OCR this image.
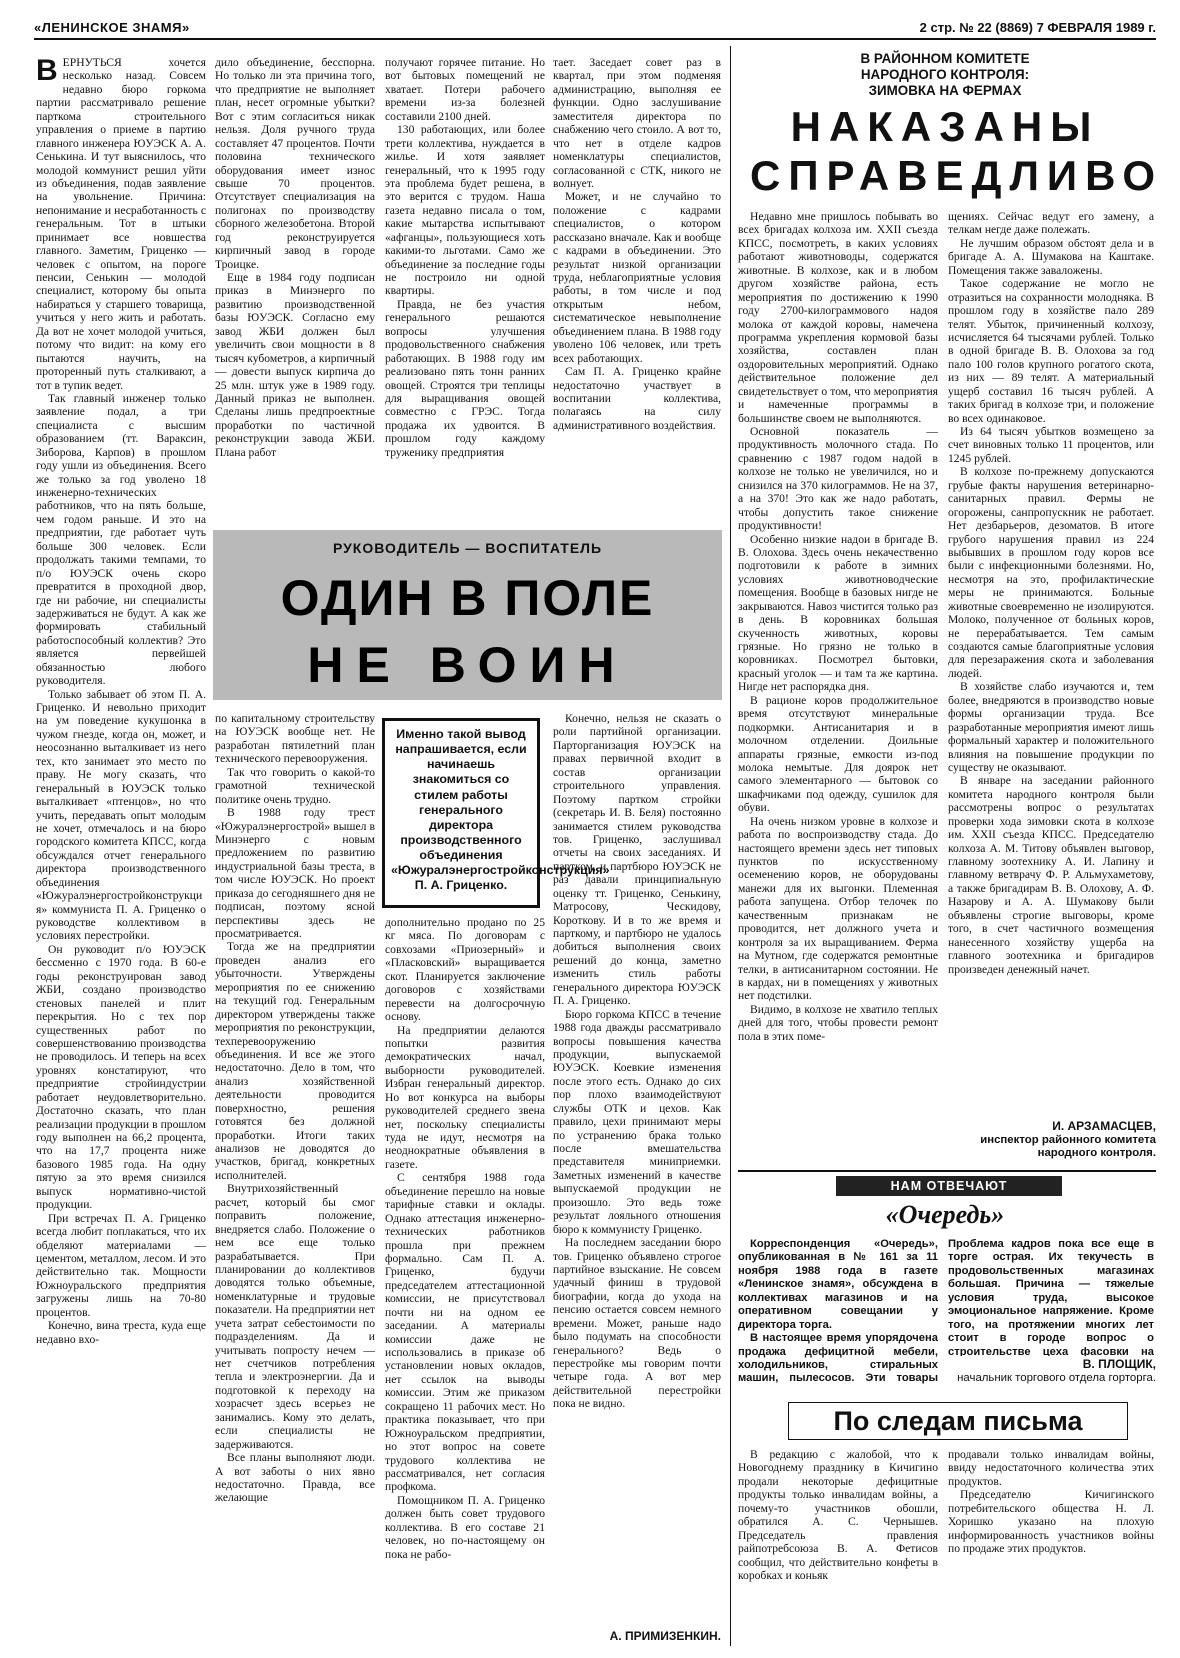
«ЛЕНИНСКОЕ ЗНАМЯ»	2 стр. № 22 (8869) 7 ФЕВРАЛЯ 1989 г.
В ЕРНУТЬСЯ хочется несколько назад. Совсем недавно бюро горкома партии рассматривало решение парткома строительного управления о приеме в партию главного инженера ЮУЭСК А. А. Сенькина. И тут выяснилось, что молодой коммунист решил уйти из объединения, подав заявление на увольнение. Причина: непонимание и несработанность с генеральным. Тот в штыки принимает все новшества главного. Заметим, Гриценко — человек с опытом, на пороге пенсии, Сенькин — молодой специалист, которому бы опыта набираться у старшего товарища, учиться у него жить и работать. Да вот не хочет молодой учиться, потому что видит: на кому его пытаются научить, на проторенный путь сталкивают, а тот в тупик ведет.

Так главный инженер только заявление подал, а три специалиста с высшим образованием (тт. Вараксин, Зиборова, Карпов) в прошлом году ушли из объединения. Всего же только за год уволено 18 инженерно-технических работников, что на пять больше, чем годом раньше. И это на предприятии, где работает чуть больше 300 человек. Если продолжать такими темпами, то п/о ЮУЭСК очень скоро превратится в проходной двор, где ни рабочие, ни специалисты задерживаться не будут. А как же формировать стабильный работоспособный коллектив? Это является первейшей обязанностью любого руководителя.

Только забывает об этом П. А. Гриценко. И невольно приходит на ум поведение кукушонка в чужом гнезде, когда он, может, и неосознанно выталкивает из него тех, кто занимает это место по праву. Не могу сказать, что генеральный в ЮУЭСК только выталкивает «птенцов», но что учить, передавать опыт молодым не хочет, отмечалось и на бюро городского комитета КПСС, когда обсуждался отчет генерального директора производственного объединения «Южуралэнергостройконструкция» коммуниста П. А. Гриценко о руководстве коллективом в условиях перестройки.

Он руководит п/о ЮУЭСК бессменно с 1970 года. В 60-е годы реконструирован завод ЖБИ, создано производство стеновых панелей и плит перекрытия. Но с тех пор существенных работ по совершенствованию производства не проводилось. И теперь на всех уровнях констатируют, что предприятие стройиндустрии работает неудовлетворительно. Достаточно сказать, что план реализации продукции в прошлом году выполнен на 66,2 процента, что на 17,7 процента ниже базового 1985 года. На одну пятую за это время снизился выпуск нормативно-чистой продукции.

При встречах П. А. Гриценко всегда любит поплакаться, что их обделяют материалами — цементом, металлом, лесом. И это действительно так. Мощности Южноуральского предприятия загружены лишь на 70-80 процентов.

Конечно, вина треста, куда еще недавно вхо-

дило объединение, бесспорна. Но только ли эта причина того, что предприятие не выполняет план, несет огромные убытки? Вот с этим согласиться никак нельзя. Доля ручного труда составляет 47 процентов. Почти половина технического оборудования имеет износ свыше 70 процентов. Отсутствует специализация на полигонах по производству сборного железобетона. Второй год реконструируется кирпичный завод в городе Троицке.

Еще в 1984 году подписан приказ в Минэнерго по развитию производственной базы ЮУЭСК. Согласно ему завод ЖБИ должен был увеличить свои мощности в 8 тысяч кубометров, а кирпичный — довести выпуск кирпича до 25 млн. штук уже в 1989 году. Данный приказ не выполнен. Сделаны лишь предпроектные проработки по частичной реконструкции завода ЖБИ. Плана работ

получают горячее питание. Но вот бытовых помещений не хватает. Потери рабочего времени из-за болезней составили 2100 дней.

130 работающих, или более трети коллектива, нуждается в жилье. И хотя заявляет генеральный, что к 1995 году эта проблема будет решена, в это верится с трудом. Наша газета недавно писала о том, какие мытарства испытывают «афганцы», пользующиеся хоть какими-то льготами. Само же объединение за последние годы не построило ни одной квартиры.

Правда, не без участия генерального решаются вопросы улучшения продовольственного снабжения работающих. В 1988 году им реализовано пять тонн ранних овощей. Строятся три теплицы для выращивания овощей совместно с ГРЭС. Тогда продажа их удвоится. В прошлом году каждому труженику предприятия

тает. Заседает совет раз в квартал, при этом подменяя администрацию, выполняя ее функции. Одно заслушивание заместителя директора по снабжению чего стоило. А вот то, что нет в отделе кадров номенклатуры специалистов, согласованной с СТК, никого не волнует.

Может, и не случайно то положение с кадрами специалистов, о котором рассказано вначале. Как и вообще с кадрами в объединении. Это результат низкой организации труда, неблагоприятные условия работы, в том числе и под открытым небом, систематическое невыполнение объединением плана. В 1988 году уволено 106 человек, или треть всех работающих.

Сам П. А. Гриценко крайне недостаточно участвует в воспитании коллектива, полагаясь на силу административного воздействия.

РУКОВОДИТЕЛЬ — ВОСПИТАТЕЛЬ
ОДИН В ПОЛЕ
НЕ ВОИН

по капитальному строительству на ЮУЭСК вообще нет. Не разработан пятилетний план технического перевооружения.

Так что говорить о какой-то грамотной технической политике очень трудно.

В 1988 году трест «Южуралэнергострой» вышел в Минэнерго с новым предложением по развитию индустриальной базы треста, в том числе ЮУЭСК. Но проект приказа до сегодняшнего дня не подписан, поэтому ясной перспективы здесь не просматривается.

Тогда же на предприятии проведен анализ его убыточности. Утверждены мероприятия по ее снижению на текущий год. Генеральным директором утверждены также мероприятия по реконструкции, техперевооружению объединения. И все же этого недостаточно. Дело в том, что анализ хозяйственной деятельности проводится поверхностно, решения готовятся без должной проработки. Итоги таких анализов не доводятся до участков, бригад, конкретных исполнителей.

Внутрихозяйственный расчет, который бы смог поправить положение, внедряется слабо. Положение о нем все еще только разрабатывается. При планировании до коллективов доводятся только объемные, номенклатурные и трудовые показатели. На предприятии нет учета затрат себестоимости по подразделениям. Да и учитывать попросту нечем — нет счетчиков потребления тепла и электроэнергии. Да и подготовкой к переходу на хозрасчет здесь всерьез не занимались. Кому это делать, если специалисты не задерживаются.

Все планы выполняют люди. А вот заботы о них явно недостаточно. Правда, все желающие

Именно такой вывод напрашивается, если начинаешь знакомиться со стилем работы генерального директора производственного объединения «Южуралэнергостройконструкция» П. А. Гриценко.

дополнительно продано по 25 кг мяса. По договорам с совхозами «Приозерный» и «Пласковский» выращивается скот. Планируется заключение договоров с хозяйствами перевести на долгосрочную основу.

На предприятии делаются попытки развития демократических начал, выборности руководителей. Избран генеральный директор. Но вот конкурса на выборы руководителей среднего звена нет, поскольку специалисты туда не идут, несмотря на неоднократные объявления в газете.

С сентября 1988 года объединение перешло на новые тарифные ставки и оклады. Однако аттестация инженерно-технических работников прошла при прежнем формально. Сам П. А. Гриценко, будучи председателем аттестационной комиссии, не присутствовал почти ни на одном ее заседании. А материалы комиссии даже не использовались в приказе об установлении новых окладов, нет ссылок на выводы комиссии. Этим же приказом сокращено 11 рабочих мест. Но практика показывает, что при Южноуральском предприятии, но этот вопрос на совете трудового коллектива не рассматривался, нет согласия профкома.

Помощником П. А. Гриценко должен быть совет трудового коллектива. В его составе 21 человек, но по-настоящему он пока не рабо-

Конечно, нельзя не сказать о роли партийной организации. Парторганизация ЮУЭСК на правах первичной входит в состав организации строительного управления. Поэтому партком стройки (секретарь И. В. Беля) постоянно занимается стилем руководства тов. Гриценко, заслушивал отчеты на своих заседаниях. И партком, и партбюро ЮУЭСК не раз давали принципиальную оценку тт. Гриценко, Сенькину, Матросову, Ческидову, Короткову. И в то же время и парткому, и партбюро не удалось добиться выполнения своих решений до конца, заметно изменить стиль работы генерального директора ЮУЭСК П. А. Гриценко.

Бюро горкома КПСС в течение 1988 года дважды рассматривало вопросы повышения качества продукции, выпускаемой ЮУЭСК. Коевкие изменения после этого есть. Однако до сих пор плохо взаимодействуют службы ОТК и цехов. Как правило, цехи принимают меры по устранению брака только после вмешательства представителя миниприемки. Заметных изменений в качестве выпускаемой продукции не произошло. Это ведь тоже результат лояльного отношения бюро к коммунисту Гриценко.

На последнем заседании бюро тов. Гриценко объявлено строгое партийное взыскание. Не совсем удачный финиш в трудовой биографии, когда до ухода на пенсию остается совсем немного времени. Может, раньше надо было подумать на способности генерального? Ведь о перестройке мы говорим почти четыре года. А вот мер действительной перестройки пока не видно.

А. ПРИМИЗЕНКИН.
В РАЙОННОМ КОМИТЕТЕ
НАРОДНОГО КОНТРОЛЯ:
ЗИМОВКА НА ФЕРМАХ
НАКАЗАНЫ
СПРАВЕДЛИВО

Недавно мне пришлось побывать во всех бригадах колхоза им. XXII съезда КПСС, посмотреть, в каких условиях работают животноводы, содержатся животные. В колхозе, как и в любом другом хозяйстве района, есть мероприятия по достижению к 1990 году 2700-килограммового надоя молока от каждой коровы, намечена программа укрепления кормовой базы хозяйства, составлен план оздоровительных мероприятий. Однако действительное положение дел свидетельствует о том, что мероприятия и намеченные программы в большинстве своем не выполняются.

Основной показатель — продуктивность молочного стада. По сравнению с 1987 годом надой в колхозе не только не увеличился, но и снизился на 370 килограммов. Не на 37, а на 370! Это как же надо работать, чтобы допустить такое снижение продуктивности!

Особенно низкие надои в бригаде В. В. Олохова. Здесь очень некачественно подготовили к работе в зимних условиях животноводческие помещения. Вообще в базовых нигде не закрываются. Навоз чистится только раз в день. В коровниках большая скученность животных, коровы грязные. Но грязно не только в коровниках. Посмотрел бытовки, красный уголок — и там та же картина. Нигде нет распорядка дня.

В рационе коров продолжительное время отсутствуют минеральные подкормки. Антисанитария и в молочном отделении. Доильные аппараты грязные, емкости из-под молока немытые. Для доярок нет самого элементарного — бытовок со шкафчиками под одежду, сушилок для обуви.

На очень низком уровне в колхозе и работа по воспроизводству стада. До настоящего времени здесь нет типовых пунктов по искусственному осеменению коров, не оборудованы манежи для их выгонки. Племенная работа запущена. Отбор телочек по качественным признакам не проводится, нет должного учета и контроля за их выращиванием. Ферма на Мутном, где содержатся ремонтные телки, в антисанитарном состоянии. Не в кардах, ни в помещениях у животных нет подстилки.

Видимо, в колхозе не хватило теплых дней для того, чтобы провести ремонт пола в этих поме-

щениях. Сейчас ведут его заменy, а телкам негде даже полежать.

Не лучшим образом обстоят дела и в бригаде А. А. Шумакова на Каштаке. Помещения также заваложены.

Такое содержание не могло не отразиться на сохранности молодняка. В прошлом году в хозяйстве пало 289 телят. Убыток, причиненный колхозу, исчисляется 64 тысячами рублей. Только в одной бригаде В. В. Олохова за год пало 100 голов крупного рогатого скота, из них — 89 телят. А материальный ущерб составил 16 тысяч рублей. А таких бригад в колхозе три, и положение во всех одинаковое.

Из 64 тысяч убытков возмещено за счет виновных только 11 процентов, или 1245 рублей.

В колхозе по-прежнему допускаются грубые факты нарушения ветеринарно-санитарных правил. Фермы не огорожены, санпропускник не работает. Нет дезбарьеров, дезоматов. В итоге грубого нарушения правил из 224 выбывших в прошлом году коров все были с инфекционными болезнями. Но, несмотря на это, профилактические меры не принимаются. Больные животные своевременно не изолируются. Молоко, полученное от больных коров, не перерабатывается. Тем самым создаются самые благоприятные условия для перезаражения скота и заболевания людей.

В хозяйстве слабо изучаются и, тем более, внедряются в производство новые формы организации труда. Все разработанные мероприятия имеют лишь формальный характер и положительного влияния на повышение продукции по существу не оказывают.

В январе на заседании районного комитета народного контроля были рассмотрены вопрос о результатах проверки хода зимовки скота в колхозе им. XXII съезда КПСС. Председателю колхоза А. М. Титову объявлен выговор, главному зоотехнику А. И. Лапину и главному ветврачу Ф. Р. Альмухаметову, а также бригадирам В. В. Олохову, А. Ф. Назарову и А. А. Шумакову были объявлены строгие выговоры, кроме того, в счет частичного возмещения нанесенного хозяйству ущерба на главного зоотехника и бригадиров произведен денежный начет.

И. АРЗАМАСЦЕВ,
инспектор районного комитета народного контроля.
НАМ ОТВЕЧАЮТ
«Очередь»

Корреспонденция «Очередь», опубликованная в № 161 за 11 ноября 1988 года в газете «Ленинское знамя», обсуждена в коллективах магазинов и на оперативном совещании у директора торга.

В настоящее время упорядочена продажа дефицитной мебели, холодильников, стиральных машин, пылесосов. Эти товары

Проблема кадров пока все еще в торге острая. Их текучесть в продовольственных магазинах большая. Причина — тяжелые условия труда, высокое эмоциональное напряжение. Кроме того, на протяжении многих лет стоит в городе вопрос о строительстве цеха фасовки на

В. ПЛОЩИК,
начальник торгового отдела горторга.
По следам письма

В редакцию с жалобой, что к Новогоднему празднику в Кичигино продали некоторые дефицитные продукты только инвалидам войны, а почему-то участников обошли, обратился А. С. Чернышев. Председатель правления райпотребсоюза В. А. Фетисов сообщил, что действительно конфеты в коробках и коньяк

продавали только инвалидам войны, ввиду недостаточного количества этих продуктов.

Председателю Кичигинского потребительского общества Н. Л. Хоришко указано на плохую информированность участников войны по продаже этих продуктов.
